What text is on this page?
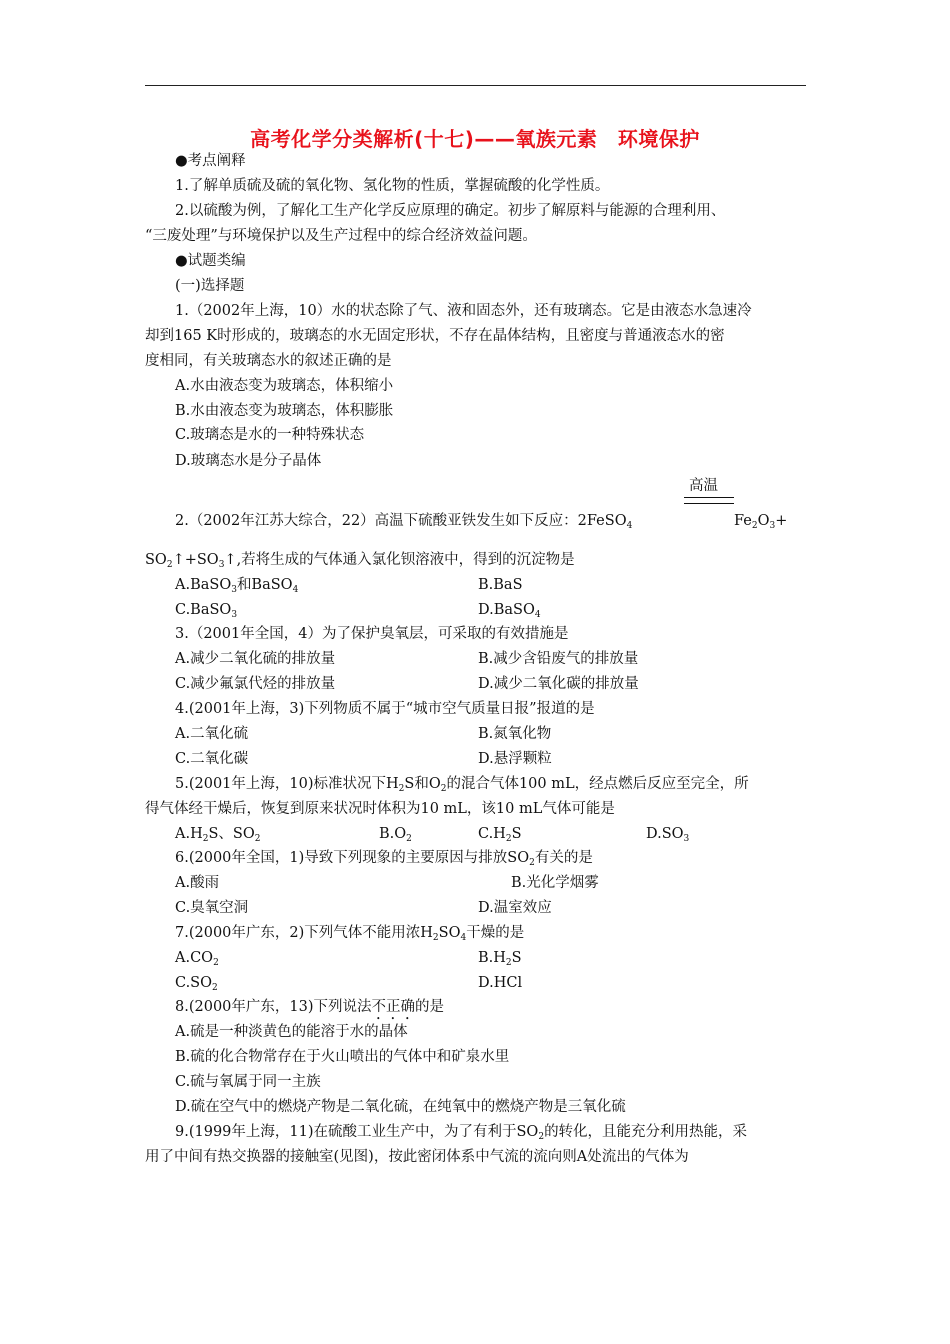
高考化学分类解析(十七)——氧族元素　环境保护
●考点阐释
1.了解单质硫及硫的氧化物、氢化物的性质，掌握硫酸的化学性质。
2.以硫酸为例，了解化工生产化学反应原理的确定。初步了解原料与能源的合理利用、
“三废处理”与环境保护以及生产过程中的综合经济效益问题。
●试题类编
(一)选择题
1.（2002年上海，10）水的状态除了气、液和固态外，还有玻璃态。它是由液态水急速冷
却到165 K时形成的，玻璃态的水无固定形状，不存在晶体结构，且密度与普通液态水的密
度相同，有关玻璃态水的叙述正确的是
A.水由液态变为玻璃态，体积缩小
B.水由液态变为玻璃态，体积膨胀
C.玻璃态是水的一种特殊状态
D.玻璃态水是分子晶体
高温
2.（2002年江苏大综合，22）高温下硫酸亚铁发生如下反应：2FeSO$_4$	$Fe_2O_3+$
$SO_2↑+SO_3↑$,若将生成的气体通入氯化钡溶液中，得到的沉淀物是
A.BaSO$_3$和BaSO$_4$	B.BaS
C.BaSO$_3$	D.BaSO$_4$
3.（2001年全国，4）为了保护臭氧层，可采取的有效措施是
A.减少二氧化硫的排放量	B.减少含铅废气的排放量
C.减少氟氯代烃的排放量	D.减少二氧化碳的排放量
4.(2001年上海，3)下列物质不属于“城市空气质量日报”报道的是
A.二氧化硫	B.氮氧化物
C.二氧化碳	D.悬浮颗粒
5.(2001年上海，10)标准状况下$H_2S$和$O_2$的混合气体100 mL，经点燃后反应至完全，所
得气体经干燥后，恢复到原来状况时体积为10 mL，该10 mL气体可能是
$A.H_2S$、$SO_2$	$B.O_2$	$C.H_2S$	$D.SO_3$
6.(2000年全国，1)导致下列现象的主要原因与排放$SO_2$有关的是
A.酸雨	B.光化学烟雾
C.臭氧空洞	D.温室效应
7.(2000年广东，2)下列气体不能用浓$H_2SO_4$干燥的是
$A.CO_2$	$B.H_2S$
$C.SO_2$	D.HCl
8.(2000年广东，13)下列说法不正确的是
A.硫是一种淡黄色的能溶于水的晶体
B.硫的化合物常存在于火山喷出的气体中和矿泉水里
C.硫与氧属于同一主族
D.硫在空气中的燃烧产物是二氧化硫，在纯氧中的燃烧产物是三氧化硫
9.(1999年上海，11)在硫酸工业生产中，为了有利于$SO_2$的转化，且能充分利用热能，采
用了中间有热交换器的接触室(见图)，按此密闭体系中气流的流向则A处流出的气体为
